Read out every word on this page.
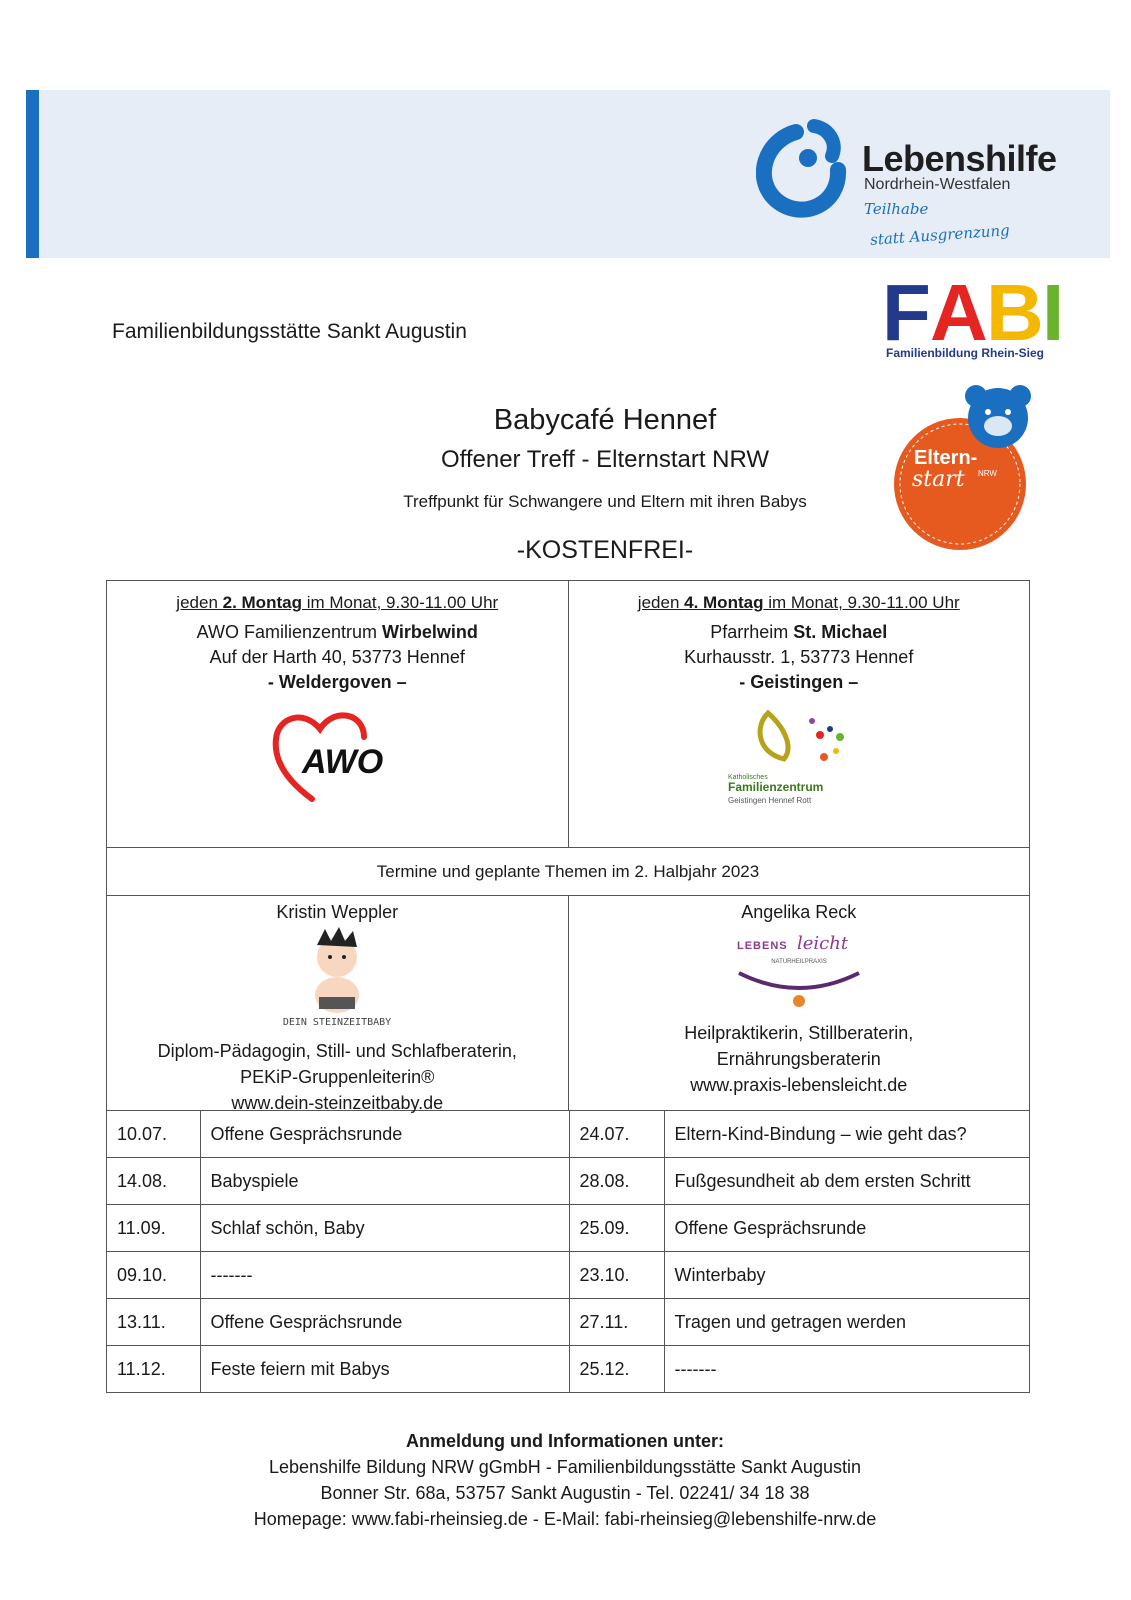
Lebenshilfe
Nordrhein-Westfalen
Teilhabe
statt Ausgrenzung
Familienbildungsstätte Sankt Augustin	F A
B
I
Familienbildung Rhein-Sieg
Eltern-
start NRW
Babycafé Hennef
Offener Treff - Elternstart NRW
Treffpunkt für Schwangere und Eltern mit ihren Babys
-KOSTENFREI-
jeden 2. Montag im Monat, 9.30-11.00 Uhr
AWO Familienzentrum Wirbelwind
Auf der Harth 40, 53773 Hennef
- Weldergoven –
AWO
jeden 4. Montag im Monat, 9.30-11.00 Uhr
Pfarrheim St. Michael
Kurhausstr. 1, 53773 Hennef
- Geistingen –
Katholisches
Familienzentrum
Geistingen Hennef Rott
Termine und geplante Themen im 2. Halbjahr 2023
Kristin Weppler
DEIN STEINZEITBABY
Diplom-Pädagogin, Still- und Schlafberaterin,
PEKiP-Gruppenleiterin®
www.dein-steinzeitbaby.de
Angelika Reck
LEBENS leicht
NATURHEILPRAXIS
Heilpraktikerin, Stillberaterin,
Ernährungsberaterin
www.praxis-lebensleicht.de
10.07.	Offene Gesprächsrunde	24.07.	Eltern-Kind-Bindung – wie geht das?
14.08.	Babyspiele	28.08.	Fußgesundheit ab dem ersten Schritt
11.09.	Schlaf schön, Baby	25.09.	Offene Gesprächsrunde
09.10.	-------	23.10.	Winterbaby
13.11.	Offene Gesprächsrunde	27.11.	Tragen und getragen werden
11.12.	Feste feiern mit Babys	25.12.	-------
Anmeldung und Informationen unter:
Lebenshilfe Bildung NRW gGmbH - Familienbildungsstätte Sankt Augustin
Bonner Str. 68a, 53757 Sankt Augustin - Tel. 02241/ 34 18 38
Homepage: www.fabi-rheinsieg.de - E-Mail: fabi-rheinsieg@lebenshilfe-nrw.de
